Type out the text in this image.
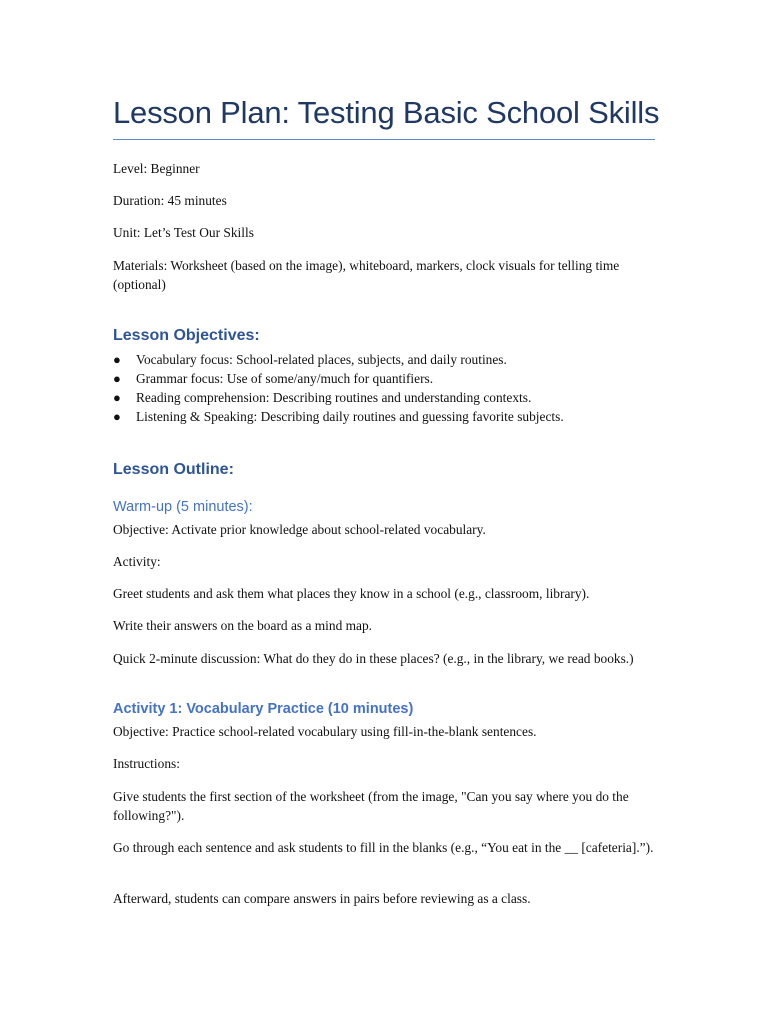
Lesson Plan: Testing Basic School Skills

Level: Beginner

Duration: 45 minutes

Unit: Let’s Test Our Skills

Materials: Worksheet (based on the image), whiteboard, markers, clock visuals for telling time (optional)

Lesson Objectives:
● Vocabulary focus: School-related places, subjects, and daily routines.
● Grammar focus: Use of some/any/much for quantifiers.
● Reading comprehension: Describing routines and understanding contexts.
● Listening & Speaking: Describing daily routines and guessing favorite subjects.
Lesson Outline:
Warm-up (5 minutes):

Objective: Activate prior knowledge about school-related vocabulary.

Activity:

Greet students and ask them what places they know in a school (e.g., classroom, library).

Write their answers on the board as a mind map.

Quick 2-minute discussion: What do they do in these places? (e.g., in the library, we read books.)

Activity 1: Vocabulary Practice (10 minutes)

Objective: Practice school-related vocabulary using fill-in-the-blank sentences.

Instructions:

Give students the first section of the worksheet (from the image, "Can you say where you do the following?").

Go through each sentence and ask students to fill in the blanks (e.g., “You eat in the __ [cafeteria].”).

Afterward, students can compare answers in pairs before reviewing as a class.
